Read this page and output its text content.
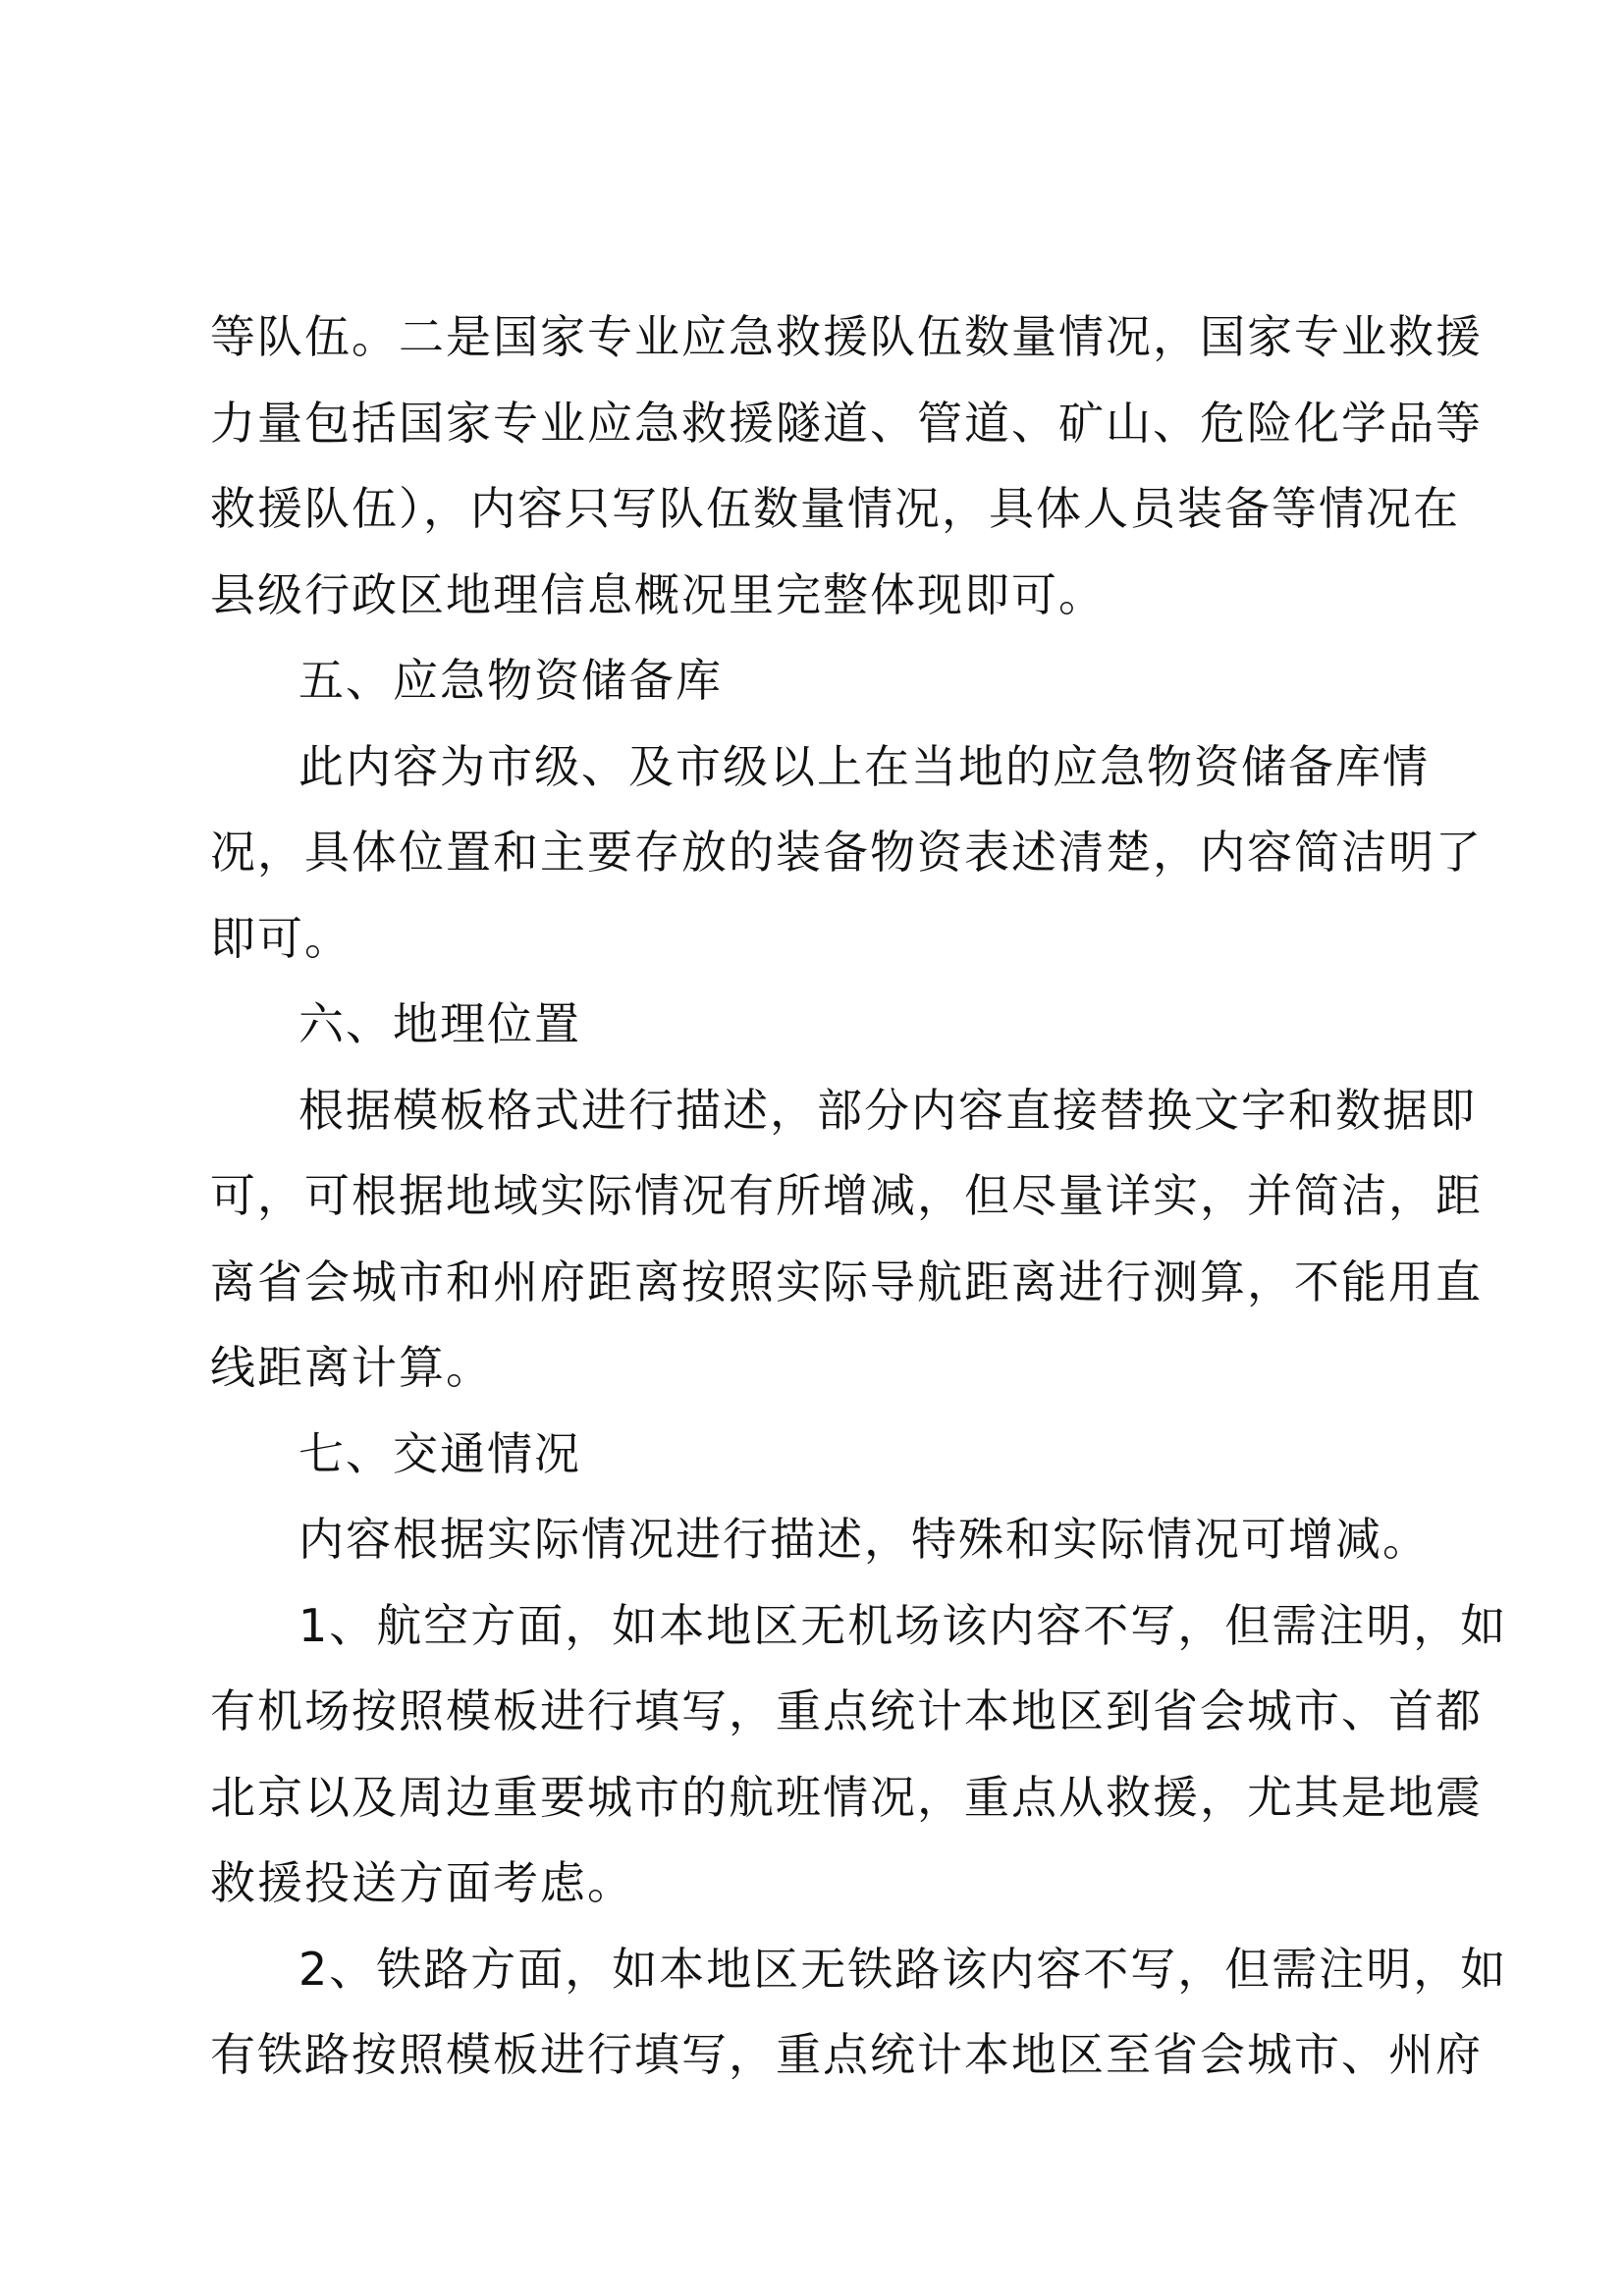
等队伍。二是国家专业应急救援队伍数量情况，国家专业救援
力量包括国家专业应急救援隧道、管道、矿山、危险化学品等
救援队伍），内容只写队伍数量情况，具体人员装备等情况在
县级行政区地理信息概况里完整体现即可。
五、应急物资储备库
此内容为市级、及市级以上在当地的应急物资储备库情
况，具体位置和主要存放的装备物资表述清楚，内容简洁明了
即可。
六、地理位置
根据模板格式进行描述，部分内容直接替换文字和数据即
可，可根据地域实际情况有所增减，但尽量详实，并简洁，距
离省会城市和州府距离按照实际导航距离进行测算，不能用直
线距离计算。
七、交通情况
内容根据实际情况进行描述，特殊和实际情况可增减。
1、航空方面，如本地区无机场该内容不写，但需注明，如
有机场按照模板进行填写，重点统计本地区到省会城市、首都
北京以及周边重要城市的航班情况，重点从救援，尤其是地震
救援投送方面考虑。
2、铁路方面，如本地区无铁路该内容不写，但需注明，如
有铁路按照模板进行填写，重点统计本地区至省会城市、州府
